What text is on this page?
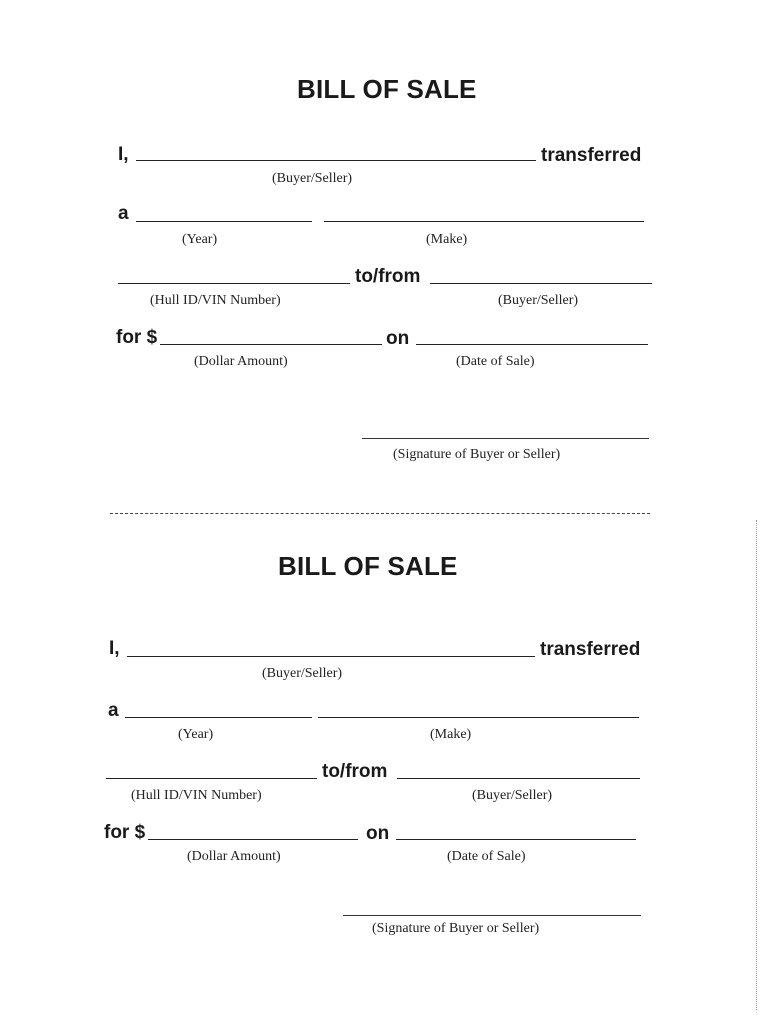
BILL OF SALE
I,	transferred
(Buyer/Seller)
a
(Year)	(Make)
to/from
(Hull ID/VIN Number)	(Buyer/Seller)
for $	on
(Dollar Amount)	(Date of Sale)
(Signature of Buyer or Seller)
BILL OF SALE
I,	transferred
(Buyer/Seller)
a
(Year)	(Make)
to/from
(Hull ID/VIN Number)	(Buyer/Seller)
for $	on
(Dollar Amount)	(Date of Sale)
(Signature of Buyer or Seller)
